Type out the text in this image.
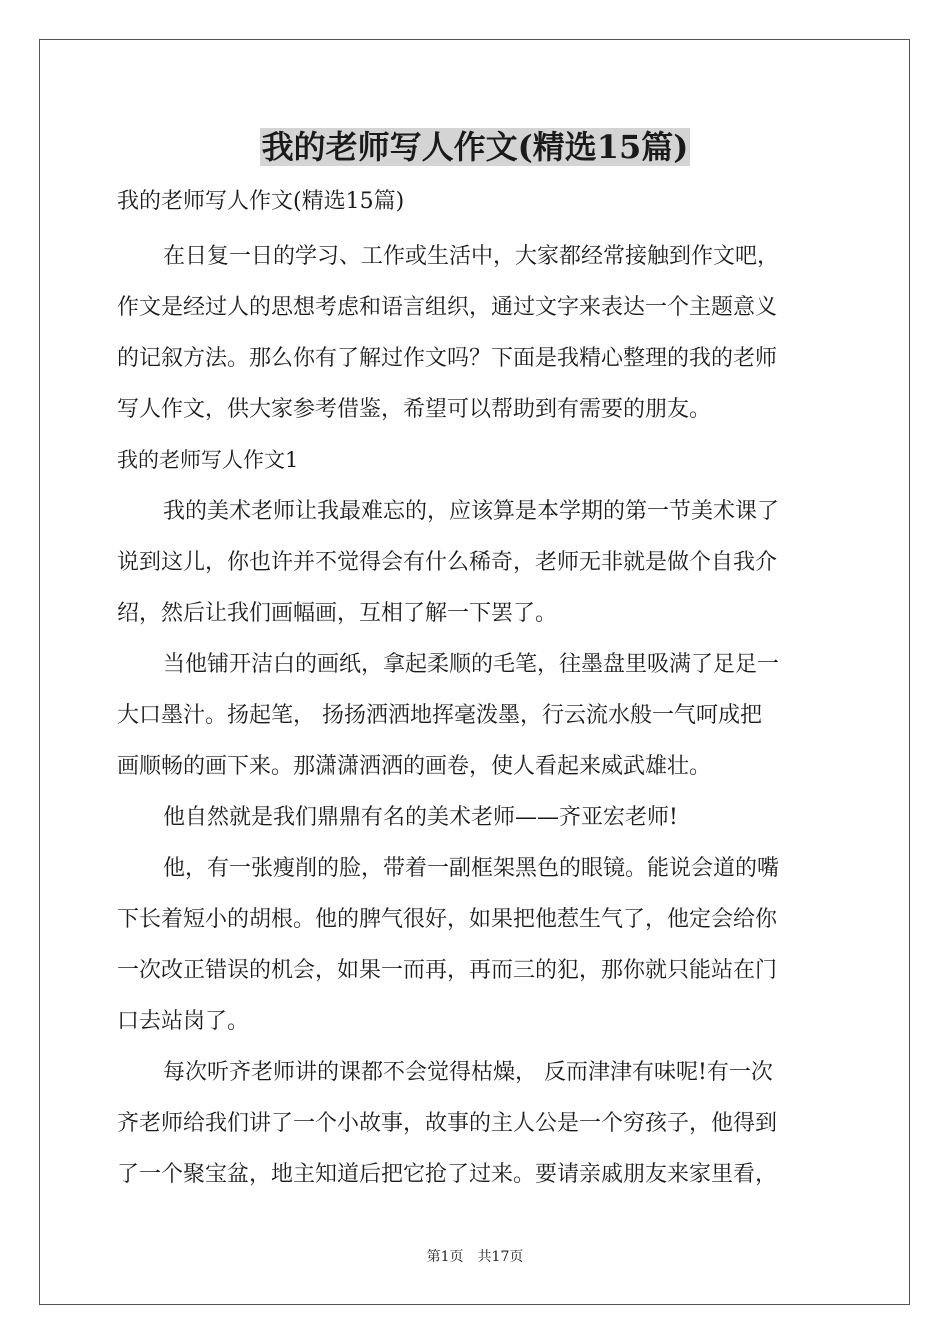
我的老师写人作文(精选15篇)

我的老师写人作文(精选15篇)

在日复一日的学习、工作或生活中，大家都经常接触到作文吧，

作文是经过人的思想考虑和语言组织，通过文字来表达一个主题意义

的记叙方法。那么你有了解过作文吗？下面是我精心整理的我的老师

写人作文，供大家参考借鉴，希望可以帮助到有需要的朋友。

我的老师写人作文1

我的美术老师让我最难忘的，应该算是本学期的第一节美术课了

说到这儿，你也许并不觉得会有什么稀奇，老师无非就是做个自我介

绍，然后让我们画幅画，互相了解一下罢了。

当他铺开洁白的画纸，拿起柔顺的毛笔，往墨盘里吸满了足足一

大口墨汁。扬起笔， 扬扬洒洒地挥毫泼墨，行云流水般一气呵成把

画顺畅的画下来。那潇潇洒洒的画卷，使人看起来威武雄壮。

他自然就是我们鼎鼎有名的美术老师——齐亚宏老师!

他，有一张瘦削的脸，带着一副框架黑色的眼镜。能说会道的嘴

下长着短小的胡根。他的脾气很好，如果把他惹生气了，他定会给你

一次改正错误的机会，如果一而再，再而三的犯，那你就只能站在门

口去站岗了。

每次听齐老师讲的课都不会觉得枯燥， 反而津津有味呢!有一次

齐老师给我们讲了一个小故事，故事的主人公是一个穷孩子，他得到

了一个聚宝盆，地主知道后把它抢了过来。要请亲戚朋友来家里看，

第1页 共17页
